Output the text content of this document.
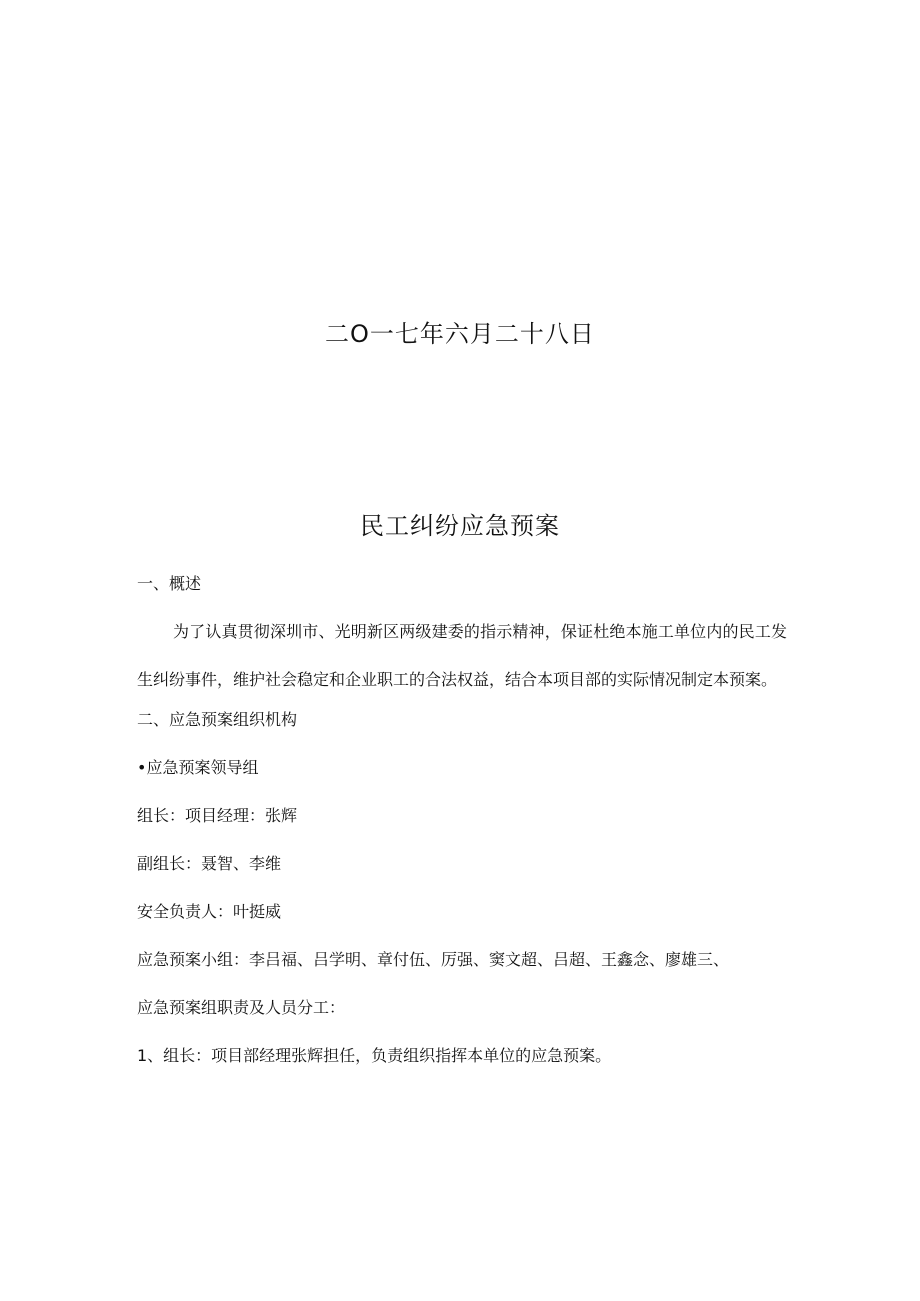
二O一七年六月二十八日
民工纠纷应急预案
一、概述
为了认真贯彻深圳市、光明新区两级建委的指示精神，保证杜绝本施工单位内的民工发生纠纷事件，维护社会稳定和企业职工的合法权益，结合本项目部的实际情况制定本预案。
二、应急预案组织机构
•应急预案领导组
组长：项目经理：张辉
副组长：聂智、李维
安全负责人：叶挺威
应急预案小组：李吕福、吕学明、章付伍、厉强、窦文超、吕超、王鑫念、廖雄三、
应急预案组职责及人员分工：
1、组长：项目部经理张辉担任，负责组织指挥本单位的应急预案。
